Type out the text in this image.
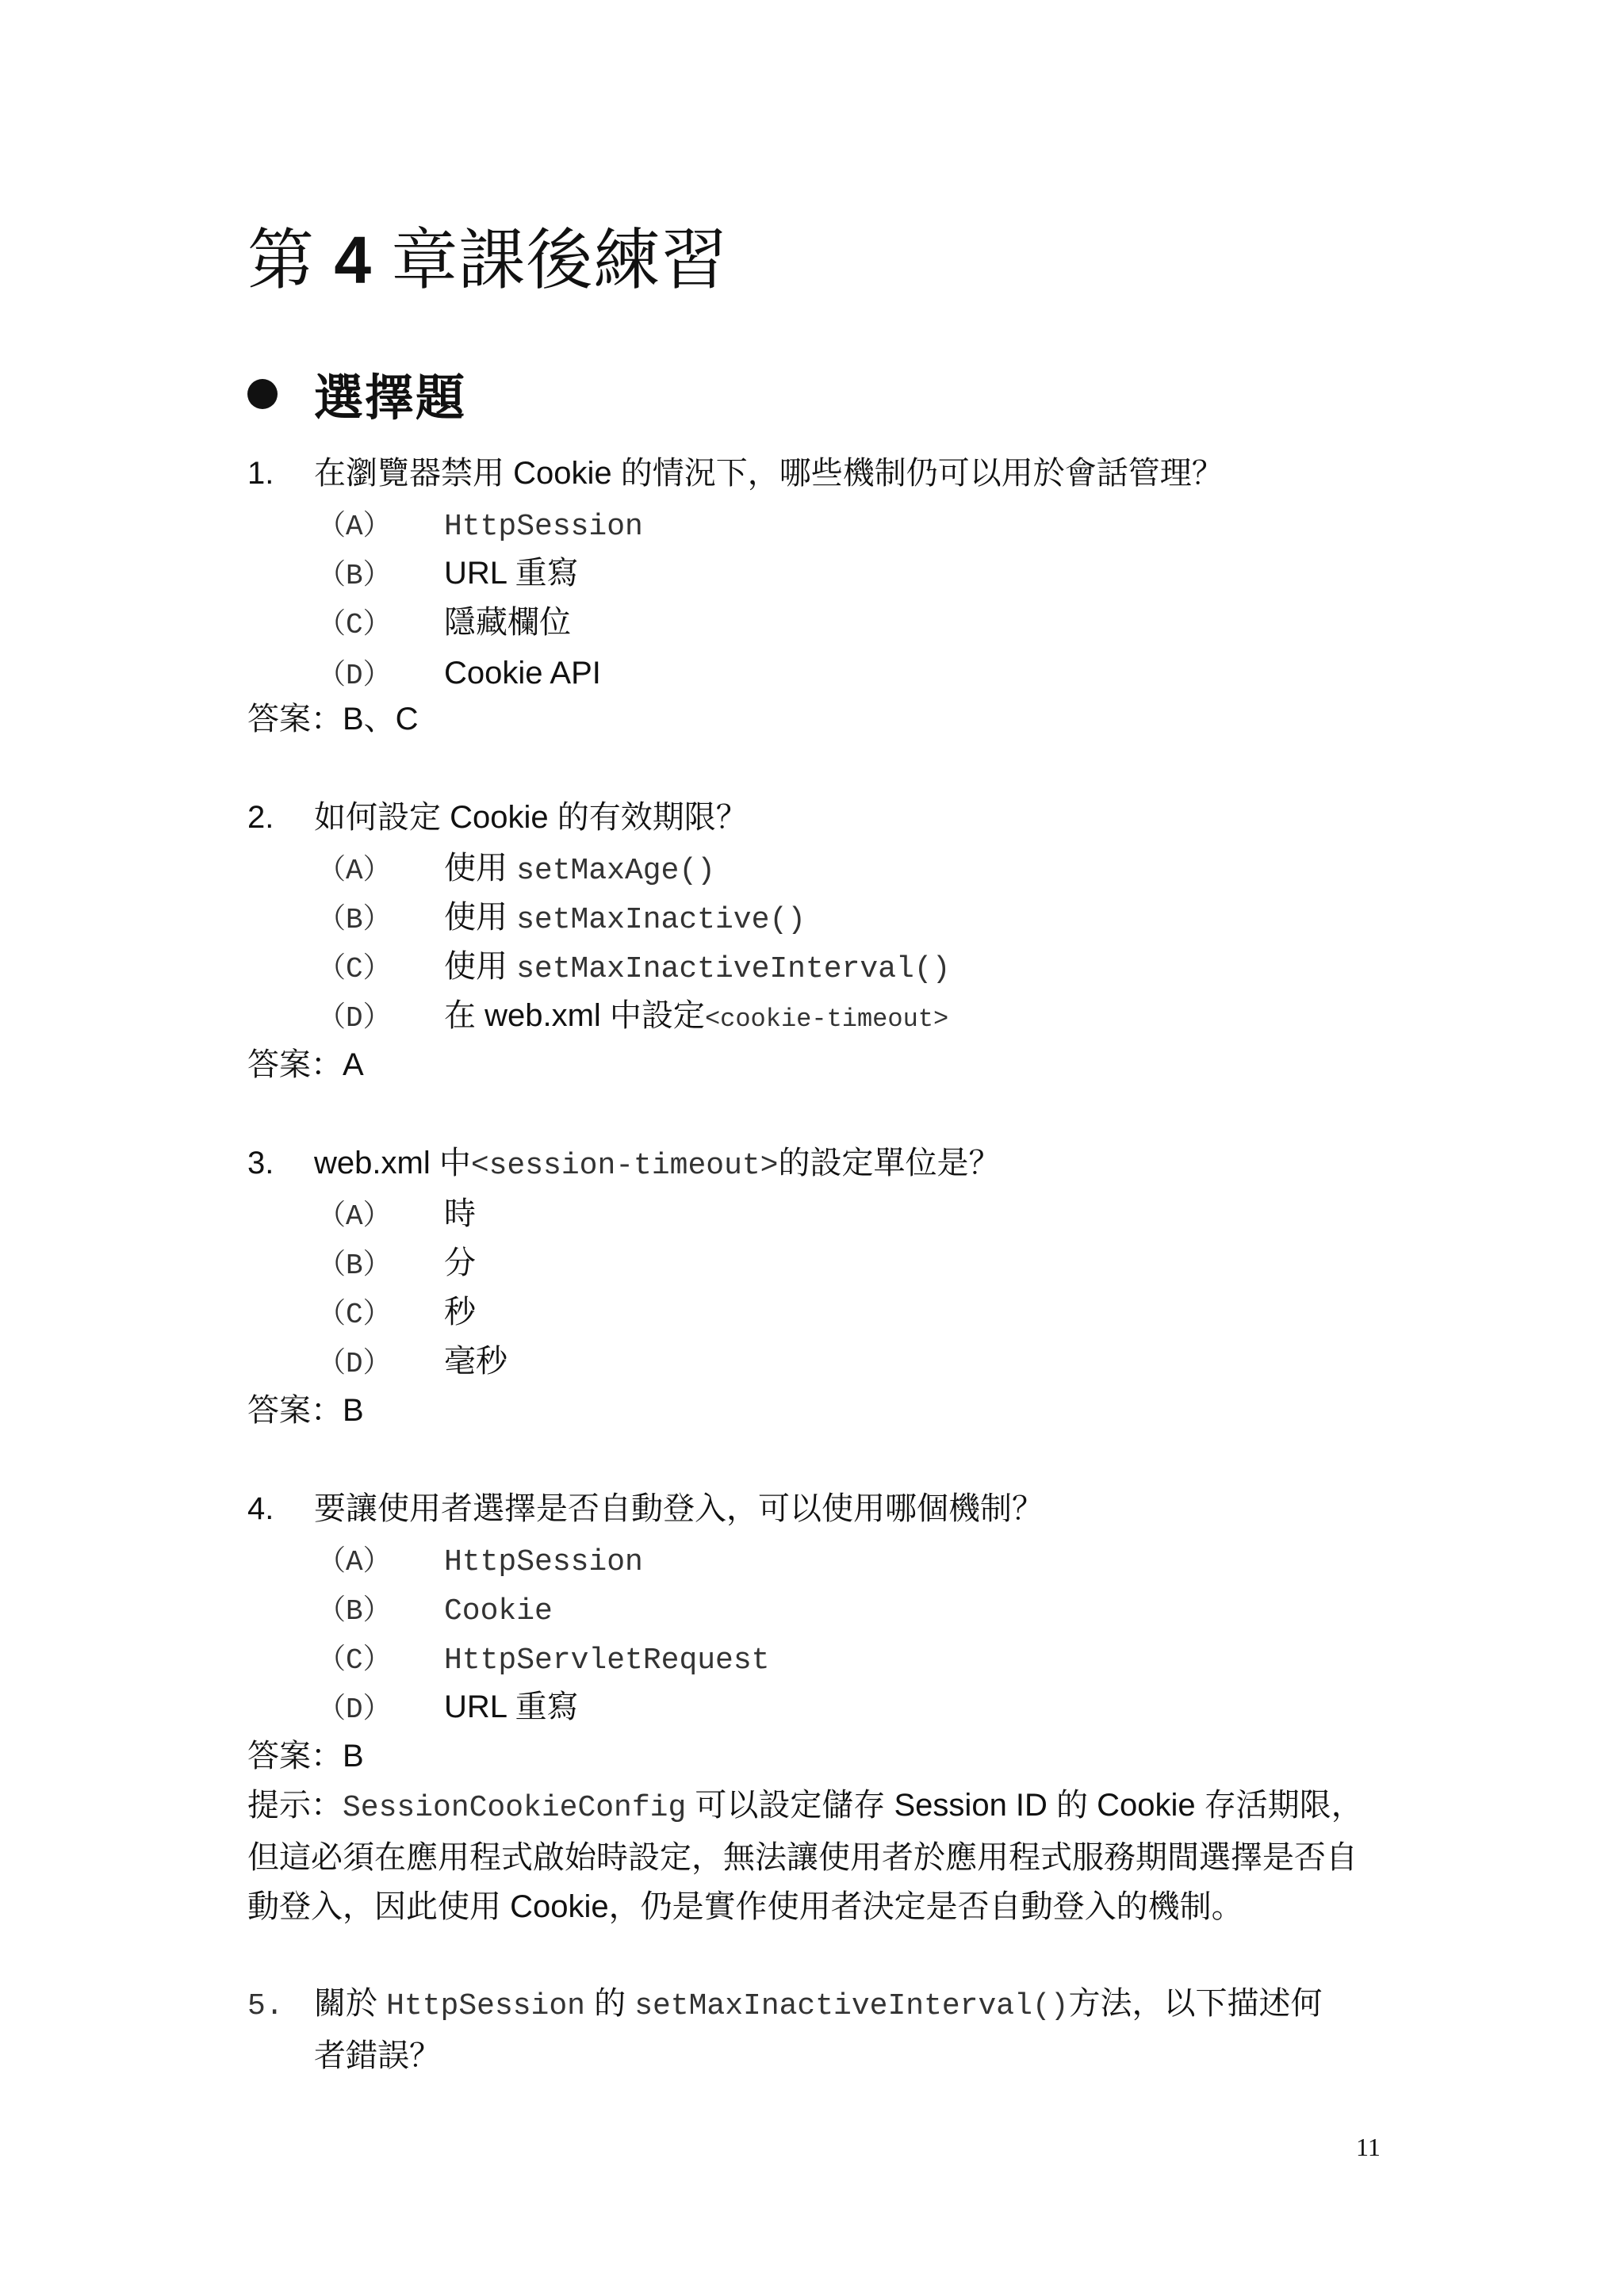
第 4 章課後練習
選擇題
1. 在瀏覽器禁用 Cookie 的情況下，哪些機制仍可以用於會話管理？
（A） HttpSession
（B） URL 重寫
（C） 隱藏欄位
（D） Cookie API
答案：B、C
2. 如何設定 Cookie 的有效期限？
（A） 使用 setMaxAge()
（B） 使用 setMaxInactive()
（C） 使用 setMaxInactiveInterval()
（D） 在 web.xml 中設定<cookie-timeout>
答案：A
3. web.xml 中<session-timeout>的設定單位是？
（A） 時
（B） 分
（C） 秒
（D） 毫秒
答案：B
4. 要讓使用者選擇是否自動登入，可以使用哪個機制？
（A） HttpSession
（B） Cookie
（C） HttpServletRequest
（D） URL 重寫
答案：B
提示：SessionCookieConfig 可以設定儲存 Session ID 的 Cookie 存活期限，
但這必須在應用程式啟始時設定，無法讓使用者於應用程式服務期間選擇是否自
動登入，因此使用 Cookie，仍是實作使用者決定是否自動登入的機制。
5. 關於 HttpSession 的 setMaxInactiveInterval()方法，以下描述何
者錯誤？
11
